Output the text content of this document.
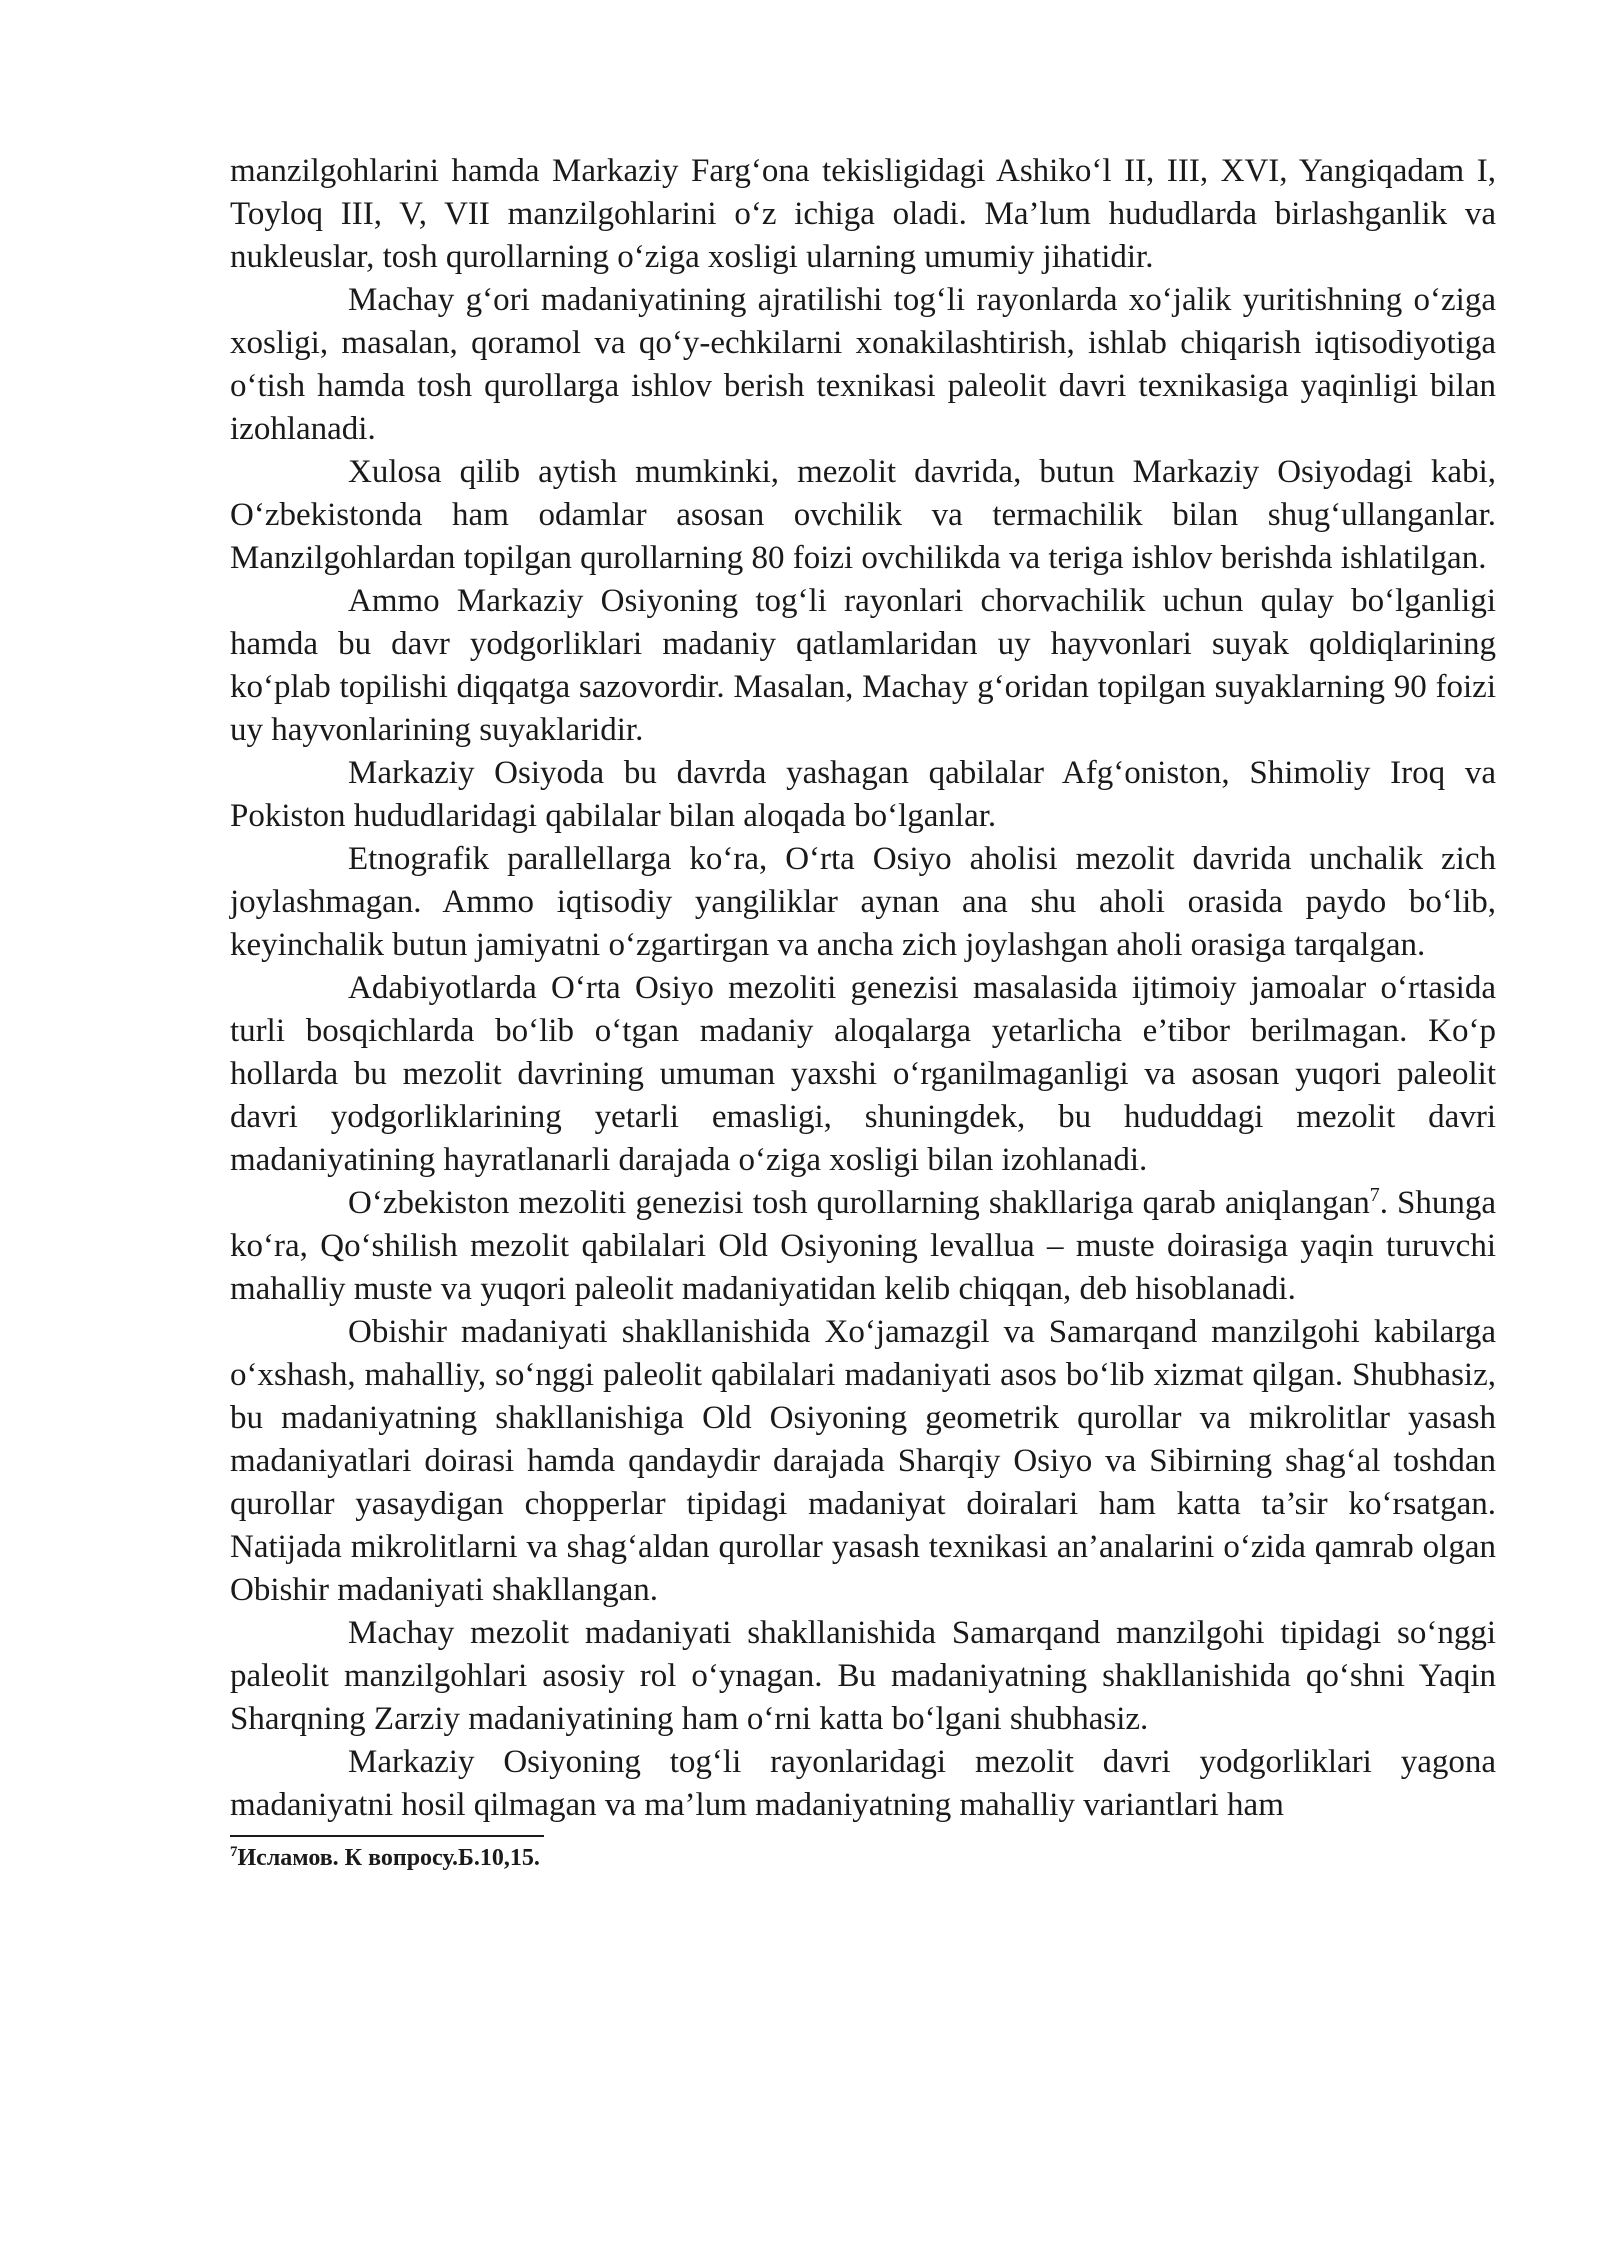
manzilgohlarini hamda Markaziy Farg‘ona tekisligidagi Ashiko‘l II, III, XVI, Yangiqadam I, Toyloq III, V, VII manzilgohlarini o‘z ichiga oladi. Ma’lum hududlarda birlashganlik va nukleuslar, tosh qurollarning o‘ziga xosligi ularning umumiy jihatidir.

Machay g‘ori madaniyatining ajratilishi tog‘li rayonlarda xo‘jalik yuritishning o‘ziga xosligi, masalan, qoramol va qo‘y-echkilarni xonakilashtirish, ishlab chiqarish iqtisodiyotiga o‘tish hamda tosh qurollarga ishlov berish texnikasi paleolit davri texnikasiga yaqinligi bilan izohlanadi.

Xulosa qilib aytish mumkinki, mezolit davrida, butun Markaziy Osiyodagi kabi, O‘zbekistonda ham odamlar asosan ovchilik va termachilik bilan shug‘ullanganlar. Manzilgohlardan topilgan qurollarning 80 foizi ovchilikda va teriga ishlov berishda ishlatilgan.

Ammo Markaziy Osiyoning tog‘li rayonlari chorvachilik uchun qulay bo‘lganligi hamda bu davr yodgorliklari madaniy qatlamlaridan uy hayvonlari suyak qoldiqlarining ko‘plab topilishi diqqatga sazovordir. Masalan, Machay g‘oridan topilgan suyaklarning 90 foizi uy hayvonlarining suyaklaridir.

Markaziy Osiyoda bu davrda yashagan qabilalar Afg‘oniston, Shimoliy Iroq va Pokiston hududlaridagi qabilalar bilan aloqada bo‘lganlar.

Etnografik parallellarga ko‘ra, O‘rta Osiyo aholisi mezolit davrida unchalik zich joylashmagan. Ammo iqtisodiy yangiliklar aynan ana shu aholi orasida paydo bo‘lib, keyinchalik butun jamiyatni o‘zgartirgan va ancha zich joylashgan aholi orasiga tarqalgan.

Adabiyotlarda O‘rta Osiyo mezoliti genezisi masalasida ijtimoiy jamoalar o‘rtasida turli bosqichlarda bo‘lib o‘tgan madaniy aloqalarga yetarlicha e’tibor berilmagan. Ko‘p hollarda bu mezolit davrining umuman yaxshi o‘rganilmaganligi va asosan yuqori paleolit davri yodgorliklarining yetarli emasligi, shuningdek, bu hududdagi mezolit davri madaniyatining hayratlanarli darajada o‘ziga xosligi bilan izohlanadi.

O‘zbekiston mezoliti genezisi tosh qurollarning shakllariga qarab aniqlangan$^7$. Shunga ko‘ra, Qo‘shilish mezolit qabilalari Old Osiyoning levallua – muste doirasiga yaqin turuvchi mahalliy muste va yuqori paleolit madaniyatidan kelib chiqqan, deb hisoblanadi.

Obishir madaniyati shakllanishida Xo‘jamazgil va Samarqand manzilgohi kabilarga o‘xshash, mahalliy, so‘nggi paleolit qabilalari madaniyati asos bo‘lib xizmat qilgan. Shubhasiz, bu madaniyatning shakllanishiga Old Osiyoning geometrik qurollar va mikrolitlar yasash madaniyatlari doirasi hamda qandaydir darajada Sharqiy Osiyo va Sibirning shag‘al toshdan qurollar yasaydigan chopperlar tipidagi madaniyat doiralari ham katta ta’sir ko‘rsatgan. Natijada mikrolitlarni va shag‘aldan qurollar yasash texnikasi an’analarini o‘zida qamrab olgan Obishir madaniyati shakllangan.

Machay mezolit madaniyati shakllanishida Samarqand manzilgohi tipidagi so‘nggi paleolit manzilgohlari asosiy rol o‘ynagan. Bu madaniyatning shakllanishida qo‘shni Yaqin Sharqning Zarziy madaniyatining ham o‘rni katta bo‘lgani shubhasiz.

Markaziy Osiyoning tog‘li rayonlaridagi mezolit davri yodgorliklari yagona madaniyatni hosil qilmagan va ma’lum madaniyatning mahalliy variantlari ham

$^7$Исламов. К вопросу.Б.10,15.
